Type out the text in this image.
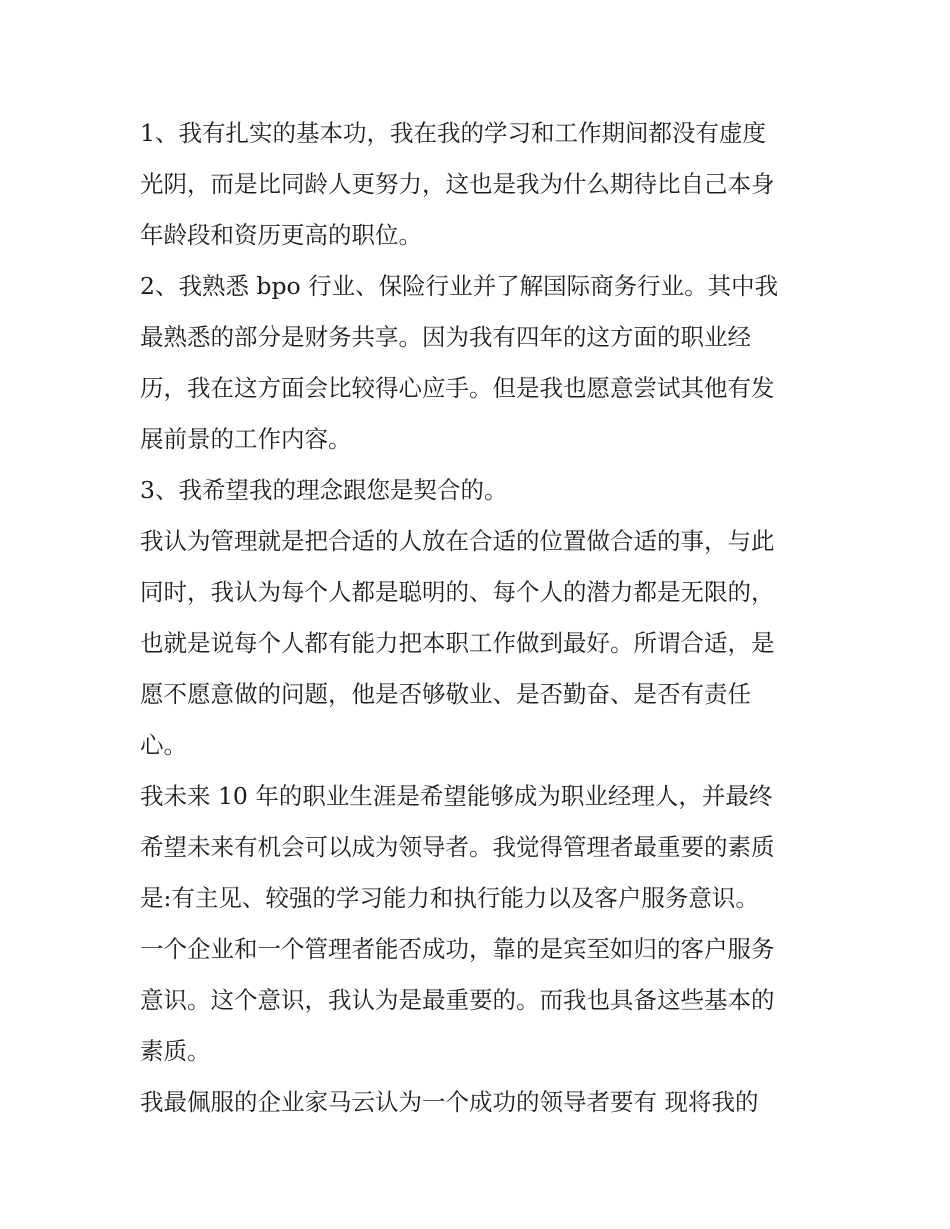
1、我有扎实的基本功，我在我的学习和工作期间都没有虚度
光阴，而是比同龄人更努力，这也是我为什么期待比自己本身
年龄段和资历更高的职位。
2、我熟悉 bpo 行业、保险行业并了解国际商务行业。其中我
最熟悉的部分是财务共享。因为我有四年的这方面的职业经
历，我在这方面会比较得心应手。但是我也愿意尝试其他有发
展前景的工作内容。
3、我希望我的理念跟您是契合的。
我认为管理就是把合适的人放在合适的位置做合适的事，与此
同时，我认为每个人都是聪明的、每个人的潜力都是无限的，
也就是说每个人都有能力把本职工作做到最好。所谓合适，是
愿不愿意做的问题，他是否够敬业、是否勤奋、是否有责任
心。
我未来 10 年的职业生涯是希望能够成为职业经理人，并最终
希望未来有机会可以成为领导者。我觉得管理者最重要的素质
是:有主见、较强的学习能力和执行能力以及客户服务意识。
一个企业和一个管理者能否成功，靠的是宾至如归的客户服务
意识。这个意识，我认为是最重要的。而我也具备这些基本的
素质。
我最佩服的企业家马云认为一个成功的领导者要有 现将我的
